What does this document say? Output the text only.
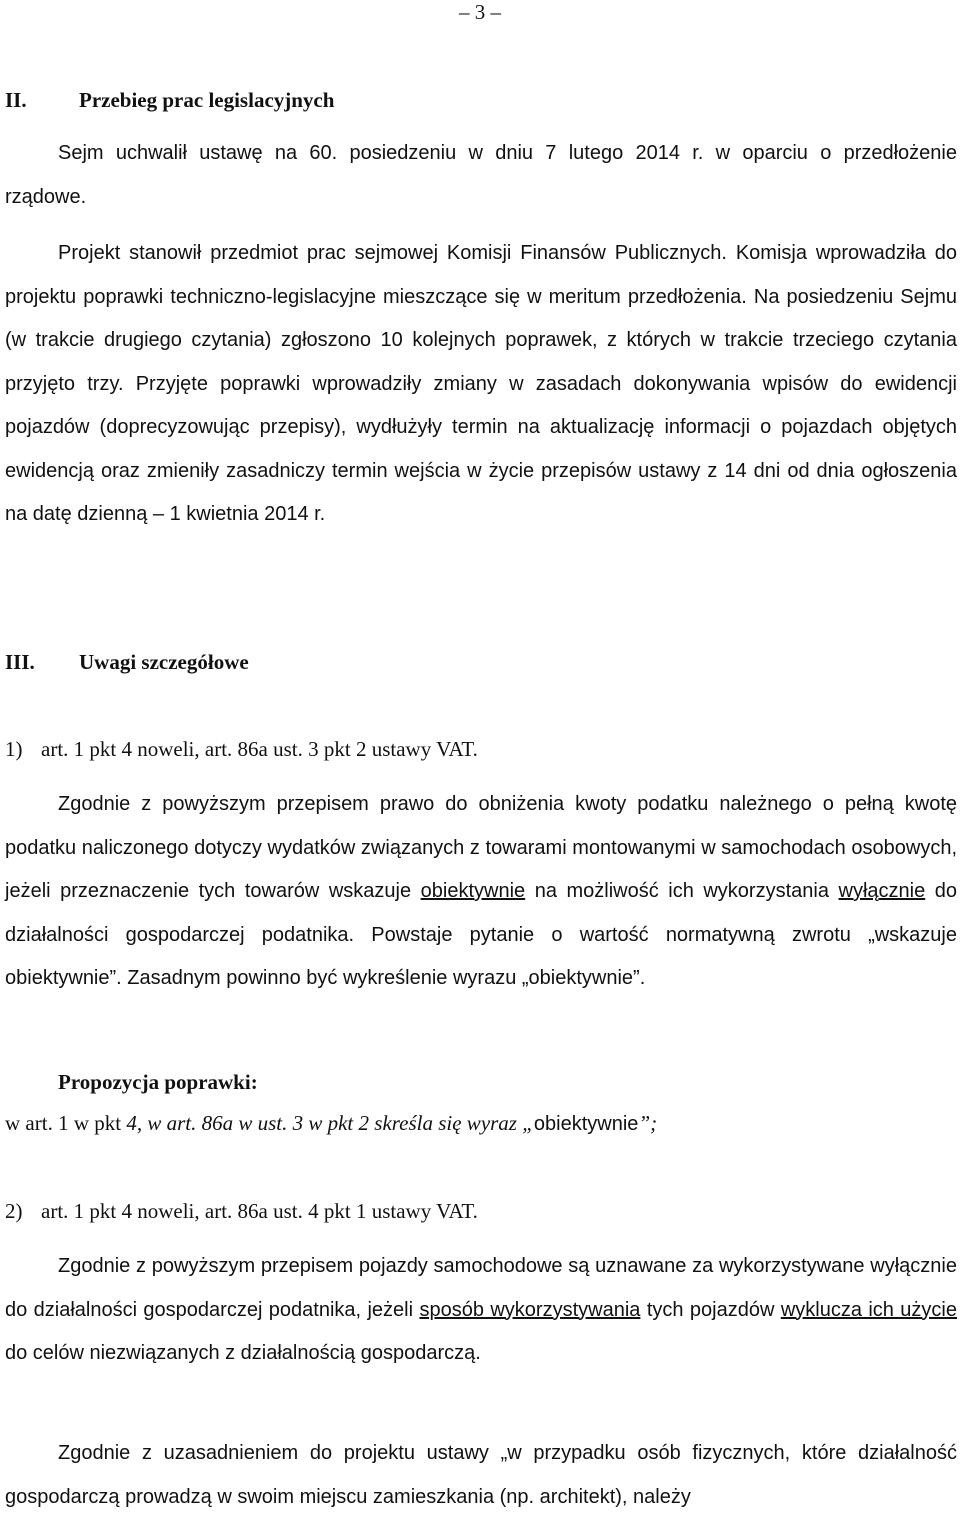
– 3 –
II. Przebieg prac legislacyjnych

Sejm uchwalił ustawę na 60. posiedzeniu w dniu 7 lutego 2014 r. w oparciu o przedłożenie rządowe.

Projekt stanowił przedmiot prac sejmowej Komisji Finansów Publicznych. Komisja wprowadziła do projektu poprawki techniczno-legislacyjne mieszczące się w meritum przedłożenia. Na posiedzeniu Sejmu (w trakcie drugiego czytania) zgłoszono 10 kolejnych poprawek, z których w trakcie trzeciego czytania przyjęto trzy. Przyjęte poprawki wprowadziły zmiany w zasadach dokonywania wpisów do ewidencji pojazdów (doprecyzowując przepisy), wydłużyły termin na aktualizację informacji o pojazdach objętych ewidencją oraz zmieniły zasadniczy termin wejścia w życie przepisów ustawy z 14 dni od dnia ogłoszenia na datę dzienną – 1 kwietnia 2014 r.

III. Uwagi szczegółowe
1) art. 1 pkt 4 noweli, art. 86a ust. 3 pkt 2 ustawy VAT.

Zgodnie z powyższym przepisem prawo do obniżenia kwoty podatku należnego o pełną kwotę podatku naliczonego dotyczy wydatków związanych z towarami montowanymi w samochodach osobowych, jeżeli przeznaczenie tych towarów wskazuje obiektywnie na możliwość ich wykorzystania wyłącznie do działalności gospodarczej podatnika. Powstaje pytanie o wartość normatywną zwrotu „wskazuje obiektywnie”. Zasadnym powinno być wykreślenie wyrazu „obiektywnie”.

Propozycja poprawki:
w art. 1 w pkt 4, w art. 86a w ust. 3 w pkt 2 skreśla się wyraz „obiektywnie”;
2) art. 1 pkt 4 noweli, art. 86a ust. 4 pkt 1 ustawy VAT.

Zgodnie z powyższym przepisem pojazdy samochodowe są uznawane za wykorzystywane wyłącznie do działalności gospodarczej podatnika, jeżeli sposób wykorzystywania tych pojazdów wyklucza ich użycie do celów niezwiązanych z działalnością gospodarczą.

Zgodnie z uzasadnieniem do projektu ustawy „w przypadku osób fizycznych, które działalność gospodarczą prowadzą w swoim miejscu zamieszkania (np. architekt), należy
